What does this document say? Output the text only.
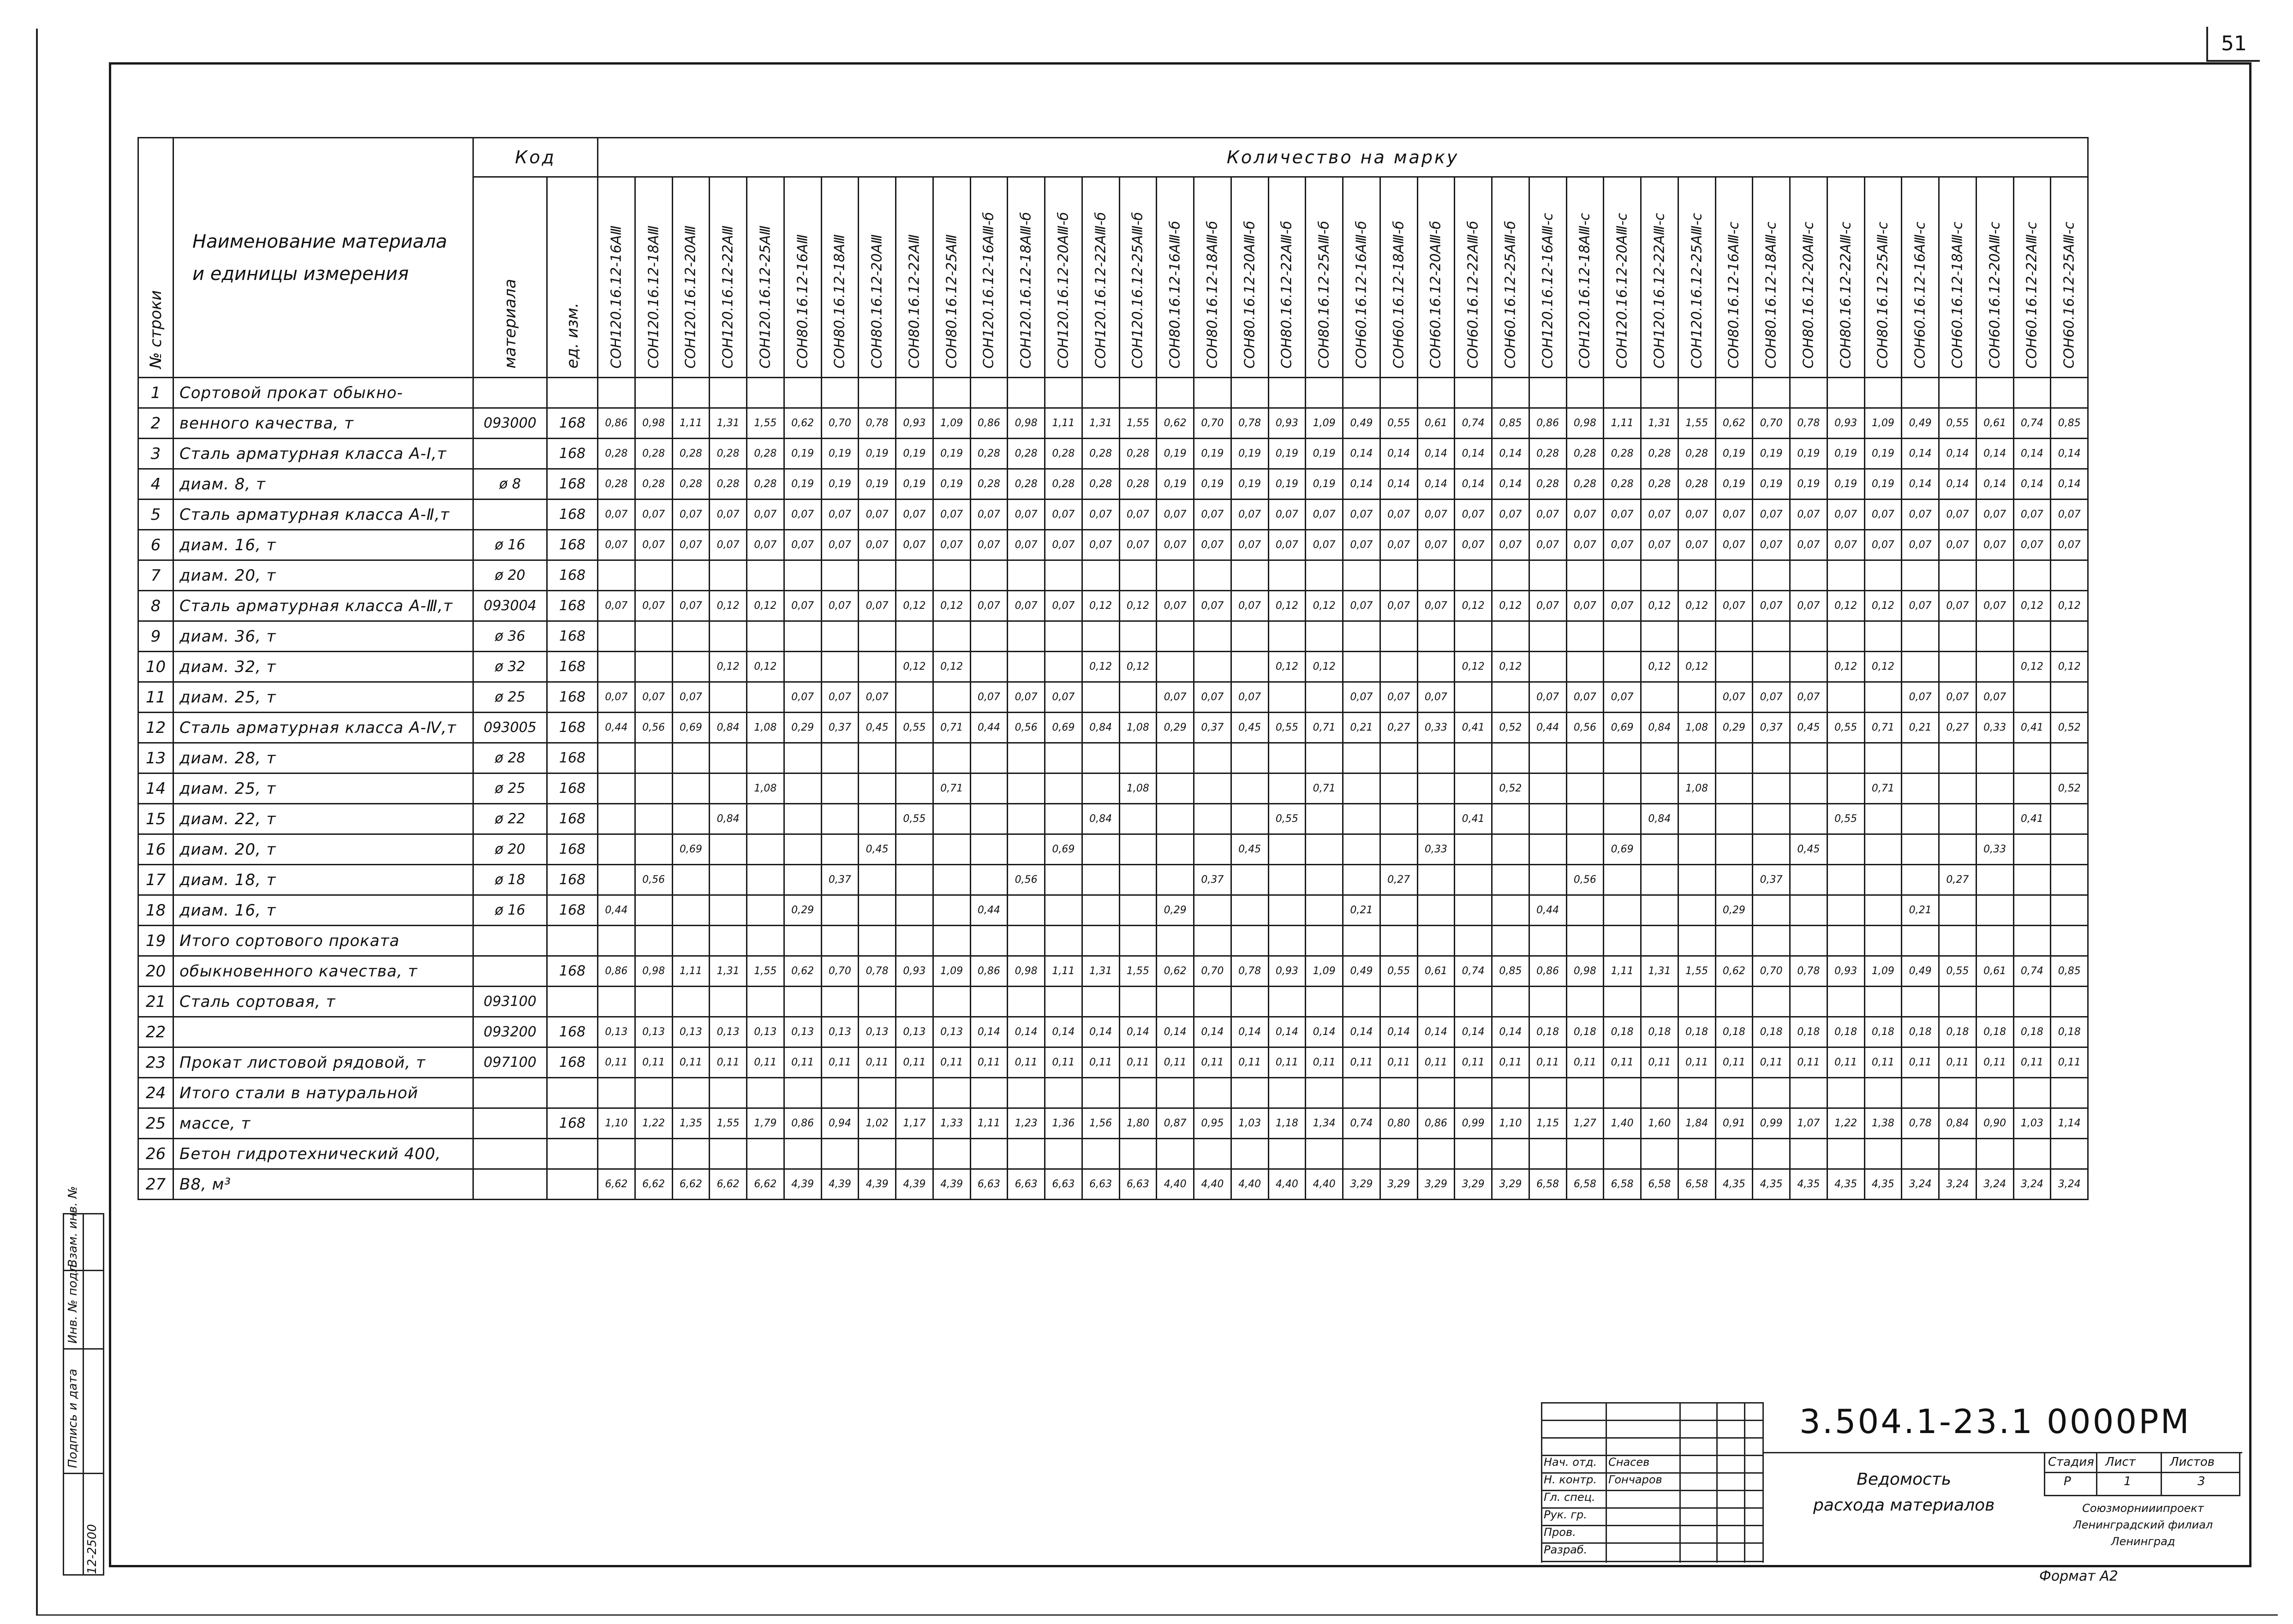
51
№ строки	Наименование материала
и единицы измерения	Код		Количество на марку																																							

		материала	ед. изм.	СОН120.16.12-16АⅢ	СОН120.16.12-18АⅢ	СОН120.16.12-20АⅢ	СОН120.16.12-22АⅢ	СОН120.16.12-25АⅢ	СОН80.16.12-16АⅢ	СОН80.16.12-18АⅢ	СОН80.16.12-20АⅢ	СОН80.16.12-22АⅢ	СОН80.16.12-25АⅢ	СОН120.16.12-16АⅢ-б	СОН120.16.12-18АⅢ-б	СОН120.16.12-20АⅢ-б	СОН120.16.12-22АⅢ-б	СОН120.16.12-25АⅢ-б	СОН80.16.12-16АⅢ-б	СОН80.16.12-18АⅢ-б	СОН80.16.12-20АⅢ-б	СОН80.16.12-22АⅢ-б	СОН80.16.12-25АⅢ-б	СОН60.16.12-16АⅢ-б	СОН60.16.12-18АⅢ-б	СОН60.16.12-20АⅢ-б	СОН60.16.12-22АⅢ-б	СОН60.16.12-25АⅢ-б	СОН120.16.12-16АⅢ-с	СОН120.16.12-18АⅢ-с	СОН120.16.12-20АⅢ-с	СОН120.16.12-22АⅢ-с	СОН120.16.12-25АⅢ-с	СОН80.16.12-16АⅢ-с	СОН80.16.12-18АⅢ-с	СОН80.16.12-20АⅢ-с	СОН80.16.12-22АⅢ-с	СОН80.16.12-25АⅢ-с	СОН60.16.12-16АⅢ-с	СОН60.16.12-18АⅢ-с	СОН60.16.12-20АⅢ-с	СОН60.16.12-22АⅢ-с	СОН60.16.12-25АⅢ-с

1	Сортовой прокат обыкно-																																										
2	венного качества, т	093000	168	0,86	0,98	1,11	1,31	1,55	0,62	0,70	0,78	0,93	1,09	0,86	0,98	1,11	1,31	1,55	0,62	0,70	0,78	0,93	1,09	0,49	0,55	0,61	0,74	0,85	0,86	0,98	1,11	1,31	1,55	0,62	0,70	0,78	0,93	1,09	0,49	0,55	0,61	0,74	0,85
3	Сталь арматурная класса А-Ⅰ,т		168	0,28	0,28	0,28	0,28	0,28	0,19	0,19	0,19	0,19	0,19	0,28	0,28	0,28	0,28	0,28	0,19	0,19	0,19	0,19	0,19	0,14	0,14	0,14	0,14	0,14	0,28	0,28	0,28	0,28	0,28	0,19	0,19	0,19	0,19	0,19	0,14	0,14	0,14	0,14	0,14
4	диам. 8, т	ø 8	168	0,28	0,28	0,28	0,28	0,28	0,19	0,19	0,19	0,19	0,19	0,28	0,28	0,28	0,28	0,28	0,19	0,19	0,19	0,19	0,19	0,14	0,14	0,14	0,14	0,14	0,28	0,28	0,28	0,28	0,28	0,19	0,19	0,19	0,19	0,19	0,14	0,14	0,14	0,14	0,14
5	Сталь арматурная класса А-Ⅱ,т		168	0,07	0,07	0,07	0,07	0,07	0,07	0,07	0,07	0,07	0,07	0,07	0,07	0,07	0,07	0,07	0,07	0,07	0,07	0,07	0,07	0,07	0,07	0,07	0,07	0,07	0,07	0,07	0,07	0,07	0,07	0,07	0,07	0,07	0,07	0,07	0,07	0,07	0,07	0,07	0,07
6	диам. 16, т	ø 16	168	0,07	0,07	0,07	0,07	0,07	0,07	0,07	0,07	0,07	0,07	0,07	0,07	0,07	0,07	0,07	0,07	0,07	0,07	0,07	0,07	0,07	0,07	0,07	0,07	0,07	0,07	0,07	0,07	0,07	0,07	0,07	0,07	0,07	0,07	0,07	0,07	0,07	0,07	0,07	0,07
7	диам. 20, т	ø 20	168																																								
8	Сталь арматурная класса А-Ⅲ,т	093004	168	0,07	0,07	0,07	0,12	0,12	0,07	0,07	0,07	0,12	0,12	0,07	0,07	0,07	0,12	0,12	0,07	0,07	0,07	0,12	0,12	0,07	0,07	0,07	0,12	0,12	0,07	0,07	0,07	0,12	0,12	0,07	0,07	0,07	0,12	0,12	0,07	0,07	0,07	0,12	0,12
9	диам. 36, т	ø 36	168																																								
10	диам. 32, т	ø 32	168				0,12	0,12				0,12	0,12				0,12	0,12				0,12	0,12				0,12	0,12				0,12	0,12				0,12	0,12				0,12	0,12
11	диам. 25, т	ø 25	168	0,07	0,07	0,07			0,07	0,07	0,07			0,07	0,07	0,07			0,07	0,07	0,07			0,07	0,07	0,07			0,07	0,07	0,07			0,07	0,07	0,07			0,07	0,07	0,07		
12	Сталь арматурная класса А-Ⅳ,т	093005	168	0,44	0,56	0,69	0,84	1,08	0,29	0,37	0,45	0,55	0,71	0,44	0,56	0,69	0,84	1,08	0,29	0,37	0,45	0,55	0,71	0,21	0,27	0,33	0,41	0,52	0,44	0,56	0,69	0,84	1,08	0,29	0,37	0,45	0,55	0,71	0,21	0,27	0,33	0,41	0,52
13	диам. 28, т	ø 28	168																																								
14	диам. 25, т	ø 25	168					1,08					0,71					1,08					0,71					0,52					1,08					0,71					0,52
15	диам. 22, т	ø 22	168				0,84					0,55					0,84					0,55					0,41					0,84					0,55					0,41	
16	диам. 20, т	ø 20	168			0,69					0,45					0,69					0,45					0,33					0,69					0,45					0,33		
17	диам. 18, т	ø 18	168		0,56					0,37					0,56					0,37					0,27					0,56					0,37					0,27			
18	диам. 16, т	ø 16	168	0,44					0,29					0,44					0,29					0,21					0,44					0,29					0,21				
19	Итого сортового проката																																										
20	обыкновенного качества, т		168	0,86	0,98	1,11	1,31	1,55	0,62	0,70	0,78	0,93	1,09	0,86	0,98	1,11	1,31	1,55	0,62	0,70	0,78	0,93	1,09	0,49	0,55	0,61	0,74	0,85	0,86	0,98	1,11	1,31	1,55	0,62	0,70	0,78	0,93	1,09	0,49	0,55	0,61	0,74	0,85
21	Сталь сортовая, т	093100																																									
22		093200	168	0,13	0,13	0,13	0,13	0,13	0,13	0,13	0,13	0,13	0,13	0,14	0,14	0,14	0,14	0,14	0,14	0,14	0,14	0,14	0,14	0,14	0,14	0,14	0,14	0,14	0,18	0,18	0,18	0,18	0,18	0,18	0,18	0,18	0,18	0,18	0,18	0,18	0,18	0,18	0,18
23	Прокат листовой рядовой, т	097100	168	0,11	0,11	0,11	0,11	0,11	0,11	0,11	0,11	0,11	0,11	0,11	0,11	0,11	0,11	0,11	0,11	0,11	0,11	0,11	0,11	0,11	0,11	0,11	0,11	0,11	0,11	0,11	0,11	0,11	0,11	0,11	0,11	0,11	0,11	0,11	0,11	0,11	0,11	0,11	0,11
24	Итого стали в натуральной																																										
25	массе, т		168	1,10	1,22	1,35	1,55	1,79	0,86	0,94	1,02	1,17	1,33	1,11	1,23	1,36	1,56	1,80	0,87	0,95	1,03	1,18	1,34	0,74	0,80	0,86	0,99	1,10	1,15	1,27	1,40	1,60	1,84	0,91	0,99	1,07	1,22	1,38	0,78	0,84	0,90	1,03	1,14
26	Бетон гидротехнический 400,																																										
27	В8, м³			6,62	6,62	6,62	6,62	6,62	4,39	4,39	4,39	4,39	4,39	6,63	6,63	6,63	6,63	6,63	4,40	4,40	4,40	4,40	4,40	3,29	3,29	3,29	3,29	3,29	6,58	6,58	6,58	6,58	6,58	4,35	4,35	4,35	4,35	4,35	3,24	3,24	3,24	3,24	3,24
Инв. № подл.
Подпись и дата
Взам. инв. №
12-2500
Нач. отд. Снасев
Н. контр. Гончаров
Гл. спец.
Рук. гр.
Пров.
Разраб.
3.504.1-23.1 0000РМ
Ведомость
расхода материалов
Стадия Лист	Листов
Р	1	3
Союзморнииипроект Ленинградский филиал Ленинград
Формат А2
